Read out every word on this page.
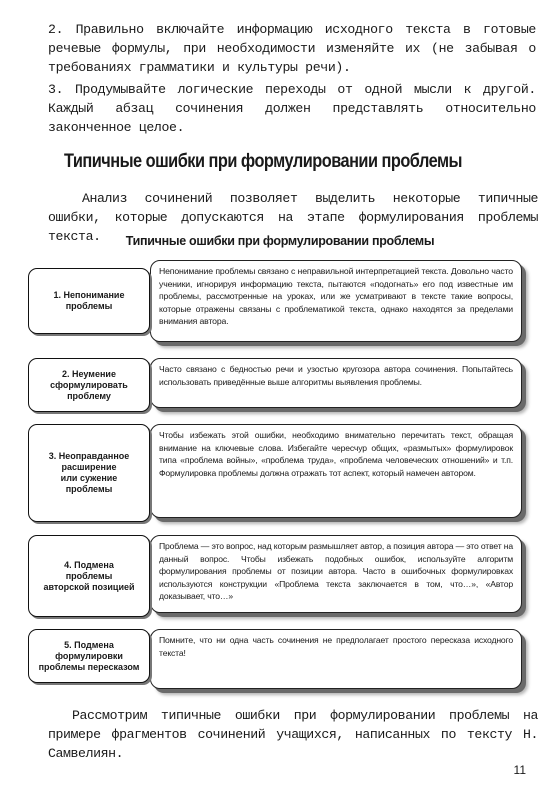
2. Правильно включайте информацию исходного текста в готовые речевые формулы, при необходимости изменяйте их (не забывая о требованиях грамматики и культуры речи).
3. Продумывайте логические переходы от одной мысли к другой. Каждый абзац сочинения должен представлять относительно законченное целое.
Типичные ошибки при формулировании проблемы
Анализ сочинений позволяет выделить некоторые типичные ошибки, которые допускаются на этапе формулирования проблемы текста.	Типичные ошибки при формулировании проблемы
Непонимание проблемы связано с неправильной интерпретацией текста. Довольно часто ученики, игнорируя информацию текста, пытаются «подогнать» его под известные им проблемы, рассмотренные на уроках, или же усматривают в тексте такие вопросы, которые отражены связаны с проблематикой текста, однако находятся за пределами внимания автора.
1. Непонимание
проблемы
Часто связано с бедностью речи и узостью кругозора автора сочинения. Попытайтесь использовать приведённые выше алгоритмы выявления проблемы.
2. Неумение
сформулировать
проблему
Чтобы избежать этой ошибки, необходимо внимательно перечитать текст, обращая внимание на ключевые слова. Избегайте чересчур общих, «размытых» формулировок типа «проблема войны», «проблема труда», «проблема человеческих отношений» и т.п. Формулировка проблемы должна отражать тот аспект, который намечен автором.
3. Неоправданное
расширение
или сужение
проблемы
Проблема — это вопрос, над которым размышляет автор, а позиция автора — это ответ на данный вопрос. Чтобы избежать подобных ошибок, используйте алгоритм формулирования проблемы от позиции автора. Часто в ошибочных формулировках используются конструкции «Проблема текста заключается в том, что…», «Автор доказывает, что…»
4. Подмена
проблемы
авторской позицией
Помните, что ни одна часть сочинения не предполагает простого пересказа исходного текста!
5. Подмена
формулировки
проблемы пересказом
Рассмотрим типичные ошибки при формулировании проблемы на примере фрагментов сочинений учащихся, написанных по тексту Н. Самвелиян.
11
